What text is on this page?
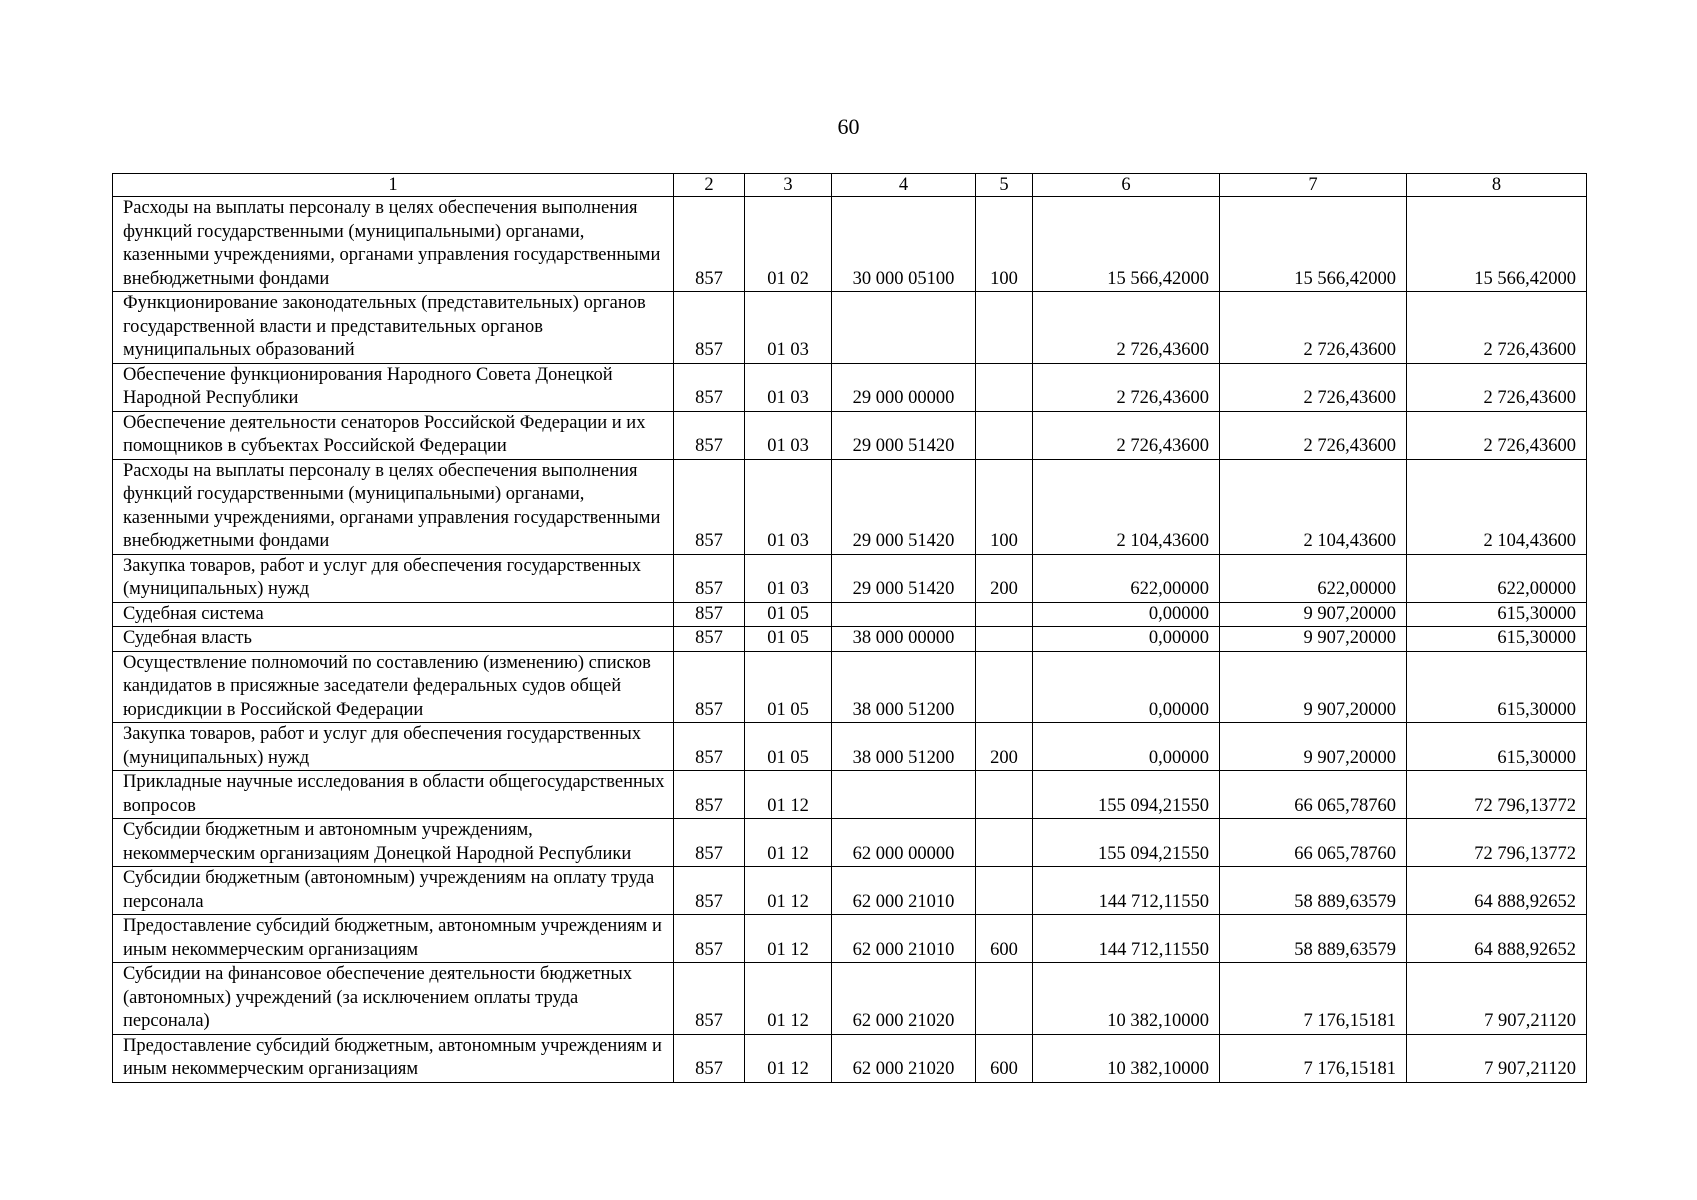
60
1	2	3	4	5	6	7	8
Расходы на выплаты персоналу в целях обеспечения выполнения функций государственными (муниципальными) органами, казенными учреждениями, органами управления государственными внебюджетными фондами	857	01 02	30 000 05100	100	15 566,42000	15 566,42000	15 566,42000
Функционирование законодательных (представительных) органов государственной власти и представительных органов муниципальных образований	857	01 03			2 726,43600	2 726,43600	2 726,43600
Обеспечение функционирования Народного Совета Донецкой Народной Республики	857	01 03	29 000 00000		2 726,43600	2 726,43600	2 726,43600
Обеспечение деятельности сенаторов Российской Федерации и их помощников в субъектах Российской Федерации	857	01 03	29 000 51420		2 726,43600	2 726,43600	2 726,43600
Расходы на выплаты персоналу в целях обеспечения выполнения функций государственными (муниципальными) органами, казенными учреждениями, органами управления государственными внебюджетными фондами	857	01 03	29 000 51420	100	2 104,43600	2 104,43600	2 104,43600
Закупка товаров, работ и услуг для обеспечения государственных (муниципальных) нужд	857	01 03	29 000 51420	200	622,00000	622,00000	622,00000
Судебная система	857	01 05			0,00000	9 907,20000	615,30000
Судебная власть	857	01 05	38 000 00000		0,00000	9 907,20000	615,30000
Осуществление полномочий по составлению (изменению) списков кандидатов в присяжные заседатели федеральных судов общей юрисдикции в Российской Федерации	857	01 05	38 000 51200		0,00000	9 907,20000	615,30000
Закупка товаров, работ и услуг для обеспечения государственных (муниципальных) нужд	857	01 05	38 000 51200	200	0,00000	9 907,20000	615,30000
Прикладные научные исследования в области общегосударственных вопросов	857	01 12			155 094,21550	66 065,78760	72 796,13772
Субсидии бюджетным и автономным учреждениям, некоммерческим организациям Донецкой Народной Республики	857	01 12	62 000 00000		155 094,21550	66 065,78760	72 796,13772
Субсидии бюджетным (автономным) учреждениям на оплату труда персонала	857	01 12	62 000 21010		144 712,11550	58 889,63579	64 888,92652
Предоставление субсидий бюджетным, автономным учреждениям и иным некоммерческим организациям	857	01 12	62 000 21010	600	144 712,11550	58 889,63579	64 888,92652
Субсидии на финансовое обеспечение деятельности бюджетных (автономных) учреждений (за исключением оплаты труда персонала)	857	01 12	62 000 21020		10 382,10000	7 176,15181	7 907,21120
Предоставление субсидий бюджетным, автономным учреждениям и иным некоммерческим организациям	857	01 12	62 000 21020	600	10 382,10000	7 176,15181	7 907,21120
